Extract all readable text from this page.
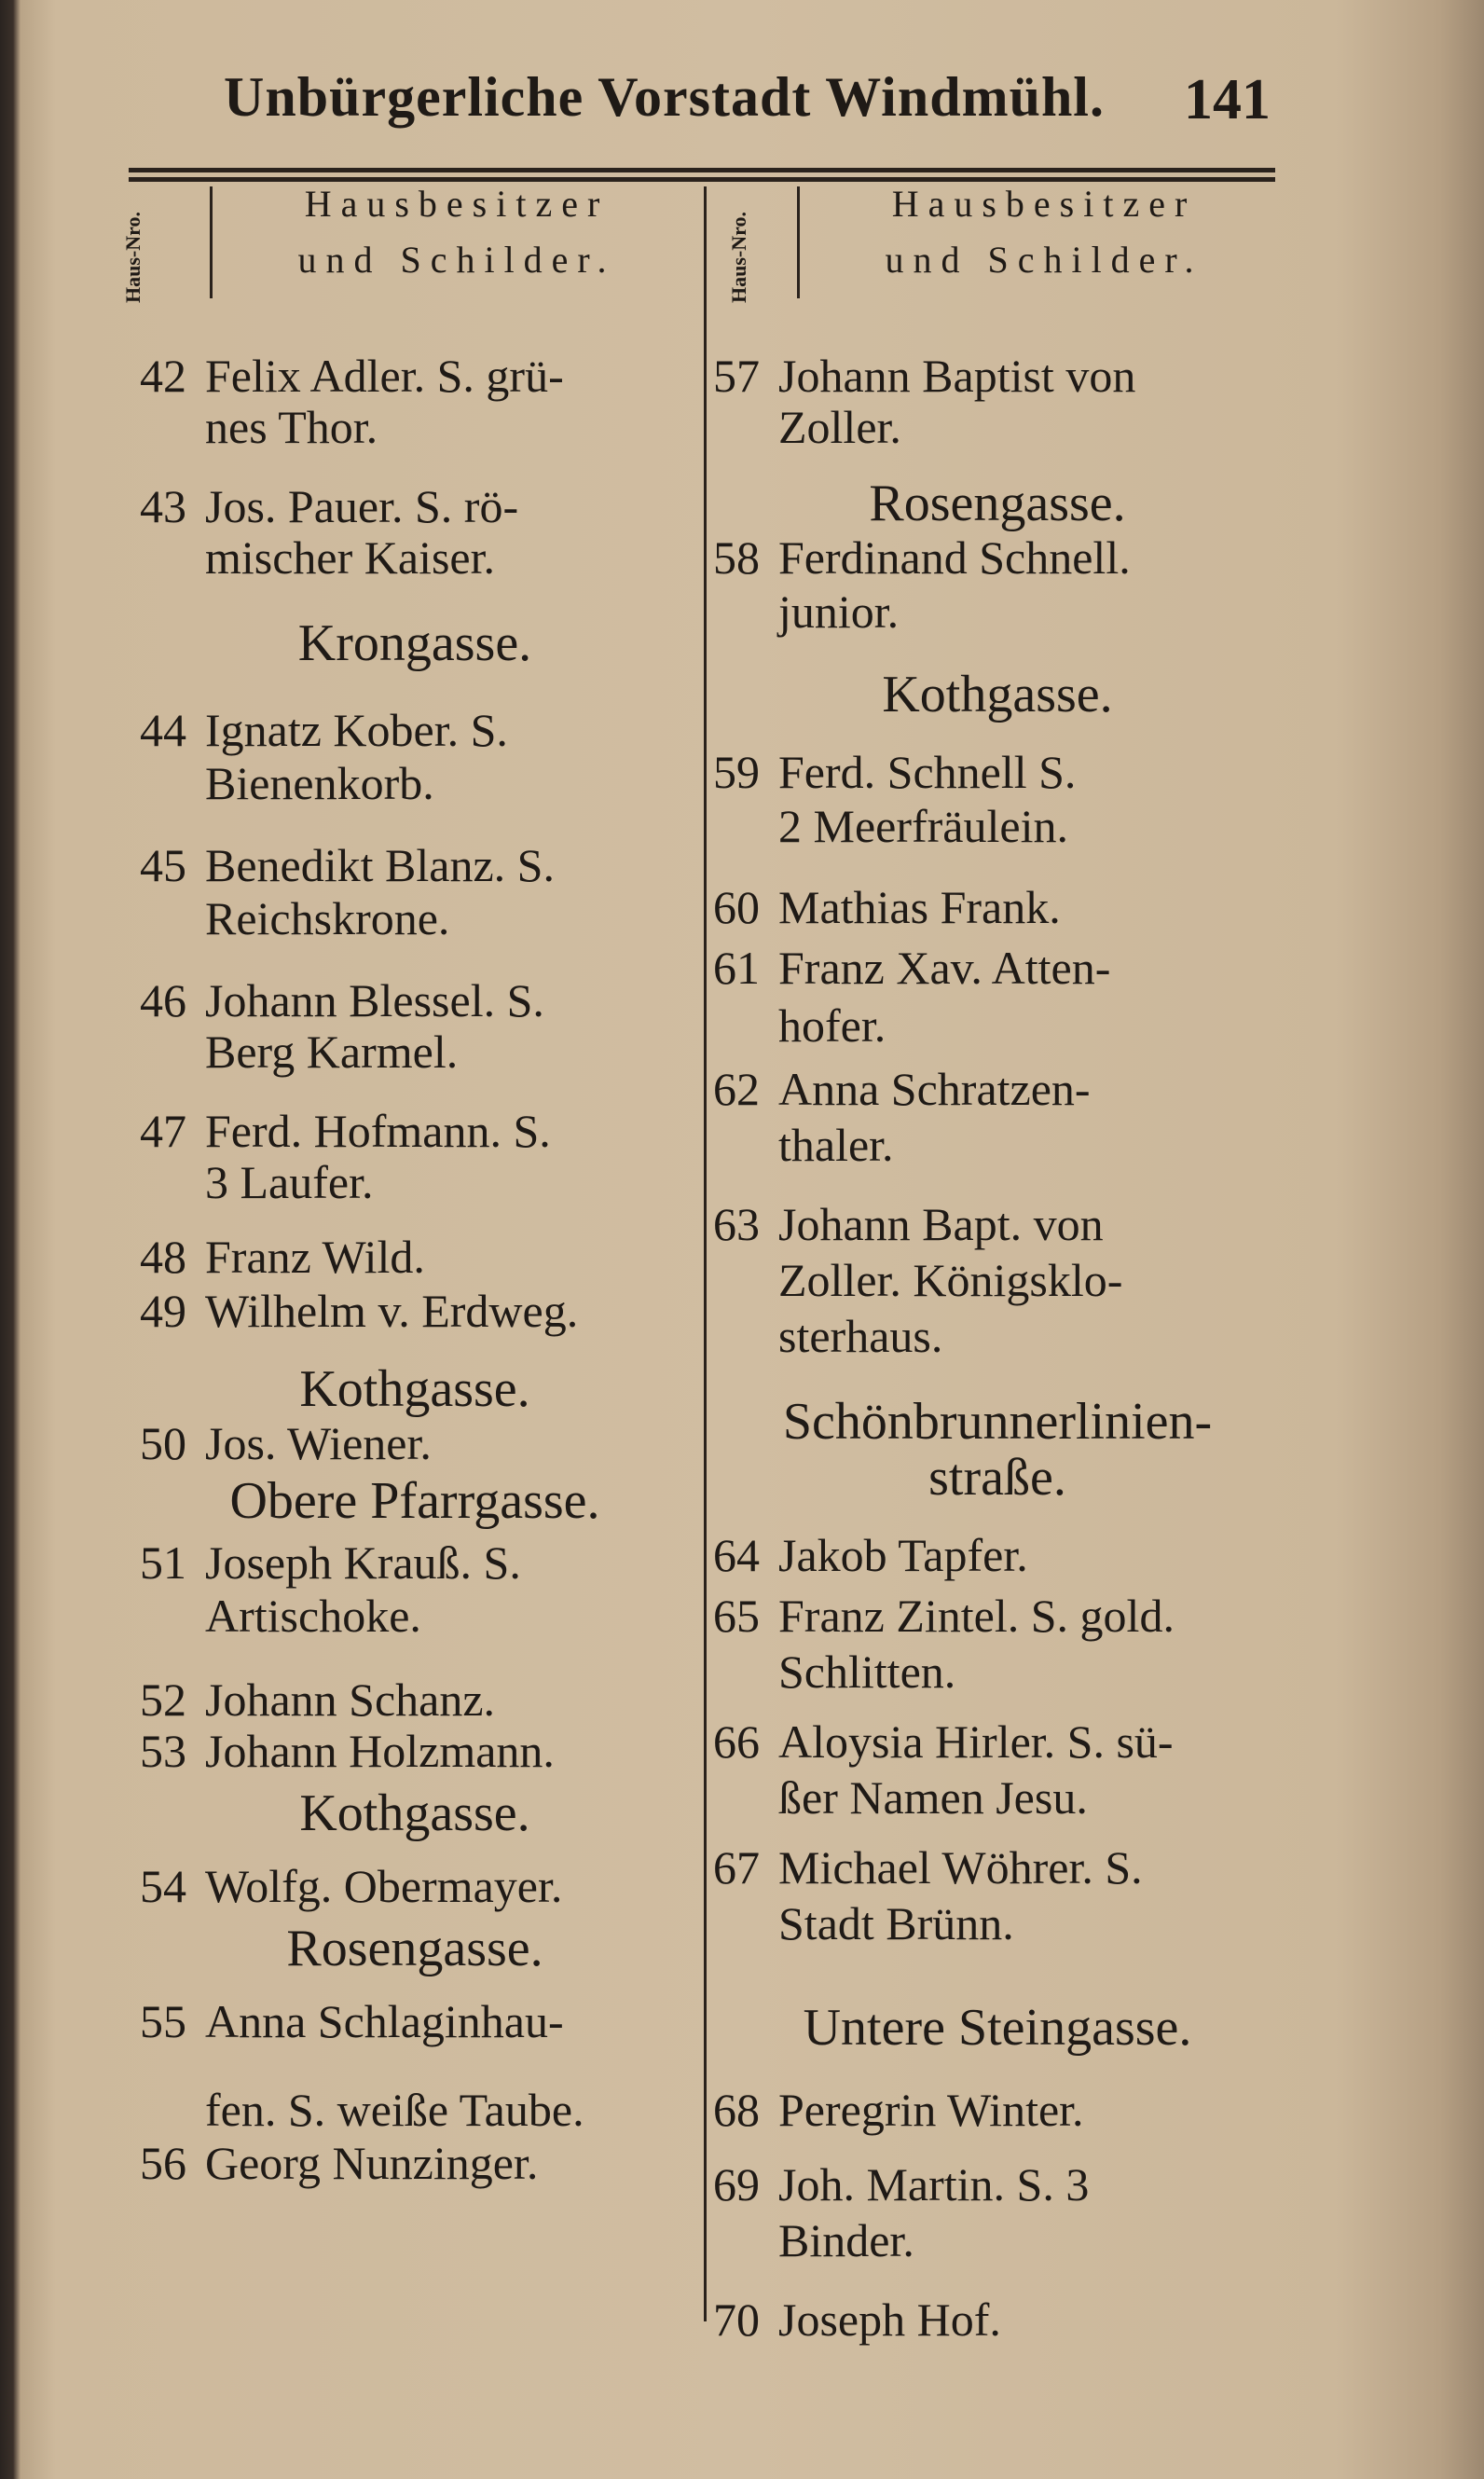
Unbürgerliche Vorstadt Windmühl. 141
Haus-Nro.
Hausbesitzer
und Schilder.	Haus-Nro.
Hausbesitzer
und Schilder.
42 Felix Adler. S. grü-
nes Thor.
43 Jos. Pauer. S. rö-
mischer Kaiser.
Krongasse.
44 Ignatz Kober. S.
Bienenkorb.
45 Benedikt Blanz. S.
Reichskrone.
46 Johann Blessel. S.
Berg Karmel.
47 Ferd. Hofmann. S.
3 Laufer.
48 Franz Wild.
49 Wilhelm v. Erdweg.
Kothgasse.
50 Jos. Wiener.
Obere Pfarrgasse.
51 Joseph Krauß. S.
Artischoke.
52 Johann Schanz.
53 Johann Holzmann.
Kothgasse.
54 Wolfg. Obermayer.
Rosengasse.
55 Anna Schlaginhau-
fen. S. weiße Taube.
56 Georg Nunzinger.
57 Johann Baptist von
Zoller.
Rosengasse.
58 Ferdinand Schnell.
junior.
Kothgasse.
59 Ferd. Schnell S.
2 Meerfräulein.
60 Mathias Frank.
61 Franz Xav. Atten-
hofer.
62 Anna Schratzen-
thaler.
63 Johann Bapt. von
Zoller. Königsklo-
sterhaus.
Schönbrunnerlinien-
straße.
64 Jakob Tapfer.
65 Franz Zintel. S. gold.
Schlitten.
66 Aloysia Hirler. S. sü-
ßer Namen Jesu.
67 Michael Wöhrer. S.
Stadt Brünn.
Untere Steingasse.
68 Peregrin Winter.
69 Joh. Martin. S. 3
Binder.
70 Joseph Hof.
